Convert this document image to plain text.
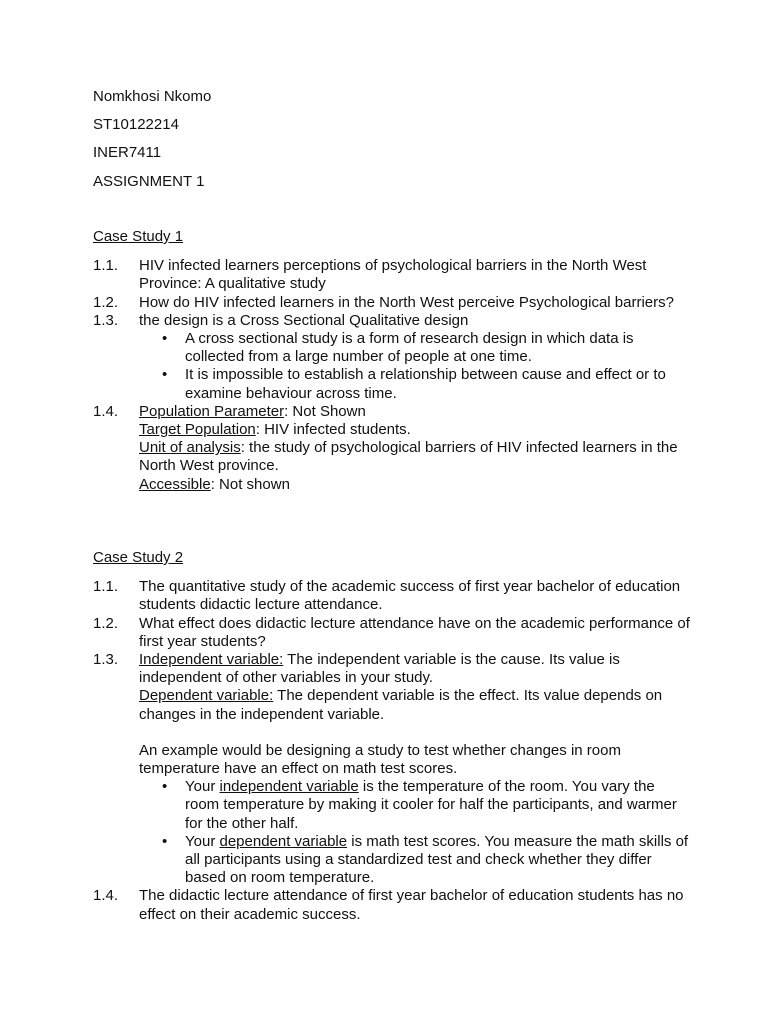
Nomkhosi Nkomo

ST10122214

INER7411

ASSIGNMENT 1

Case Study 1
1.1.	HIV infected learners perceptions of psychological barriers in the North West Province: A qualitative study
1.2.	How do HIV infected learners in the North West perceive Psychological barriers?
1.3.	the design is a Cross Sectional Qualitative design
• A cross sectional study is a form of research design in which data is collected from a large number of people at one time.
• It is impossible to establish a relationship between cause and effect or to examine behaviour across time.
1.4.	Population Parameter: Not Shown
Target Population: HIV infected students.
Unit of analysis: the study of psychological barriers of HIV infected learners in the North West province.
Accessible: Not shown
Case Study 2
1.1.	The quantitative study of the academic success of first year bachelor of education students didactic lecture attendance.
1.2.	What effect does didactic lecture attendance have on the academic performance of first year students?
1.3.	Independent variable: The independent variable is the cause. Its value is independent of other variables in your study.
Dependent variable: The dependent variable is the effect. Its value depends on changes in the independent variable.
An example would be designing a study to test whether changes in room temperature have an effect on math test scores.
• Your independent variable is the temperature of the room. You vary the room temperature by making it cooler for half the participants, and warmer for the other half.
• Your dependent variable is math test scores. You measure the math skills of all participants using a standardized test and check whether they differ based on room temperature.
1.4.	The didactic lecture attendance of first year bachelor of education students has no effect on their academic success.
